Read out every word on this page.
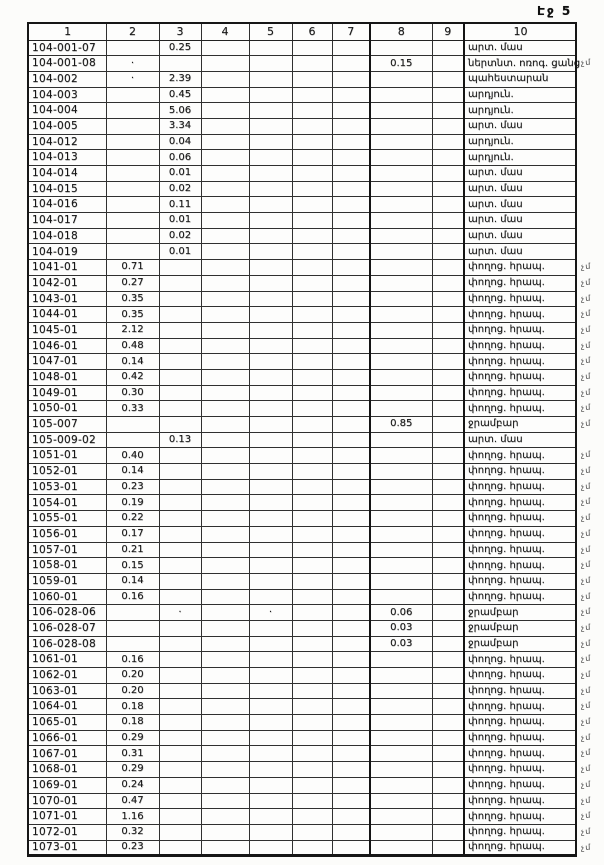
Էջ 5
1	2	3	4	5	6	7	8	9	10
104-001-07		0.25							արտ. մաս
104-001-08	·						0.15		ներտնտ. ոռոգ. ցանց չմ

104-002	·	2.39							պահեստարան
104-003		0.45							արդյուն.
104-004		5.06							արդյուն.
104-005		3.34							արտ. մաս
104-012		0.04							արդյուն.
104-013		0.06							արդյուն.
104-014		0.01							արտ. մաս
104-015		0.02							արտ. մաս
104-016		0.11							արտ. մաս
104-017		0.01							արտ. մաս
104-018		0.02							արտ. մաս
104-019		0.01							արտ. մաս
1041-01	0.71								փողոց. հրապ. չմ

1042-01	0.27								փողոց. հրապ. չմ

1043-01	0.35								փողոց. հրապ. չմ

1044-01	0.35								փողոց. հրապ. չմ

1045-01	2.12								փողոց. հրապ. չմ

1046-01	0.48								փողոց. հրապ. չմ

1047-01	0.14								փողոց. հրապ. չմ

1048-01	0.42								փողոց. հրապ. չմ

1049-01	0.30								փողոց. հրապ. չմ

1050-01	0.33								փողոց. հրապ. չմ

105-007							0.85		ջրամբար չմ

105-009-02		0.13							արտ. մաս
1051-01	0.40								փողոց. հրապ. չմ

1052-01	0.14								փողոց. հրապ. չմ

1053-01	0.23								փողոց. հրապ. չմ

1054-01	0.19								փողոց. հրապ. չմ

1055-01	0.22								փողոց. հրապ. չմ

1056-01	0.17								փողոց. հրապ. չմ

1057-01	0.21								փողոց. հրապ. չմ

1058-01	0.15								փողոց. հրապ. չմ

1059-01	0.14								փողոց. հրապ. չմ

1060-01	0.16								փողոց. հրապ. չմ

106-028-06		·		·			0.06		ջրամբար չմ

106-028-07							0.03		ջրամբար չմ

106-028-08							0.03		ջրամբար չմ

1061-01	0.16								փողոց. հրապ. չմ

1062-01	0.20								փողոց. հրապ. չմ

1063-01	0.20								փողոց. հրապ. չմ

1064-01	0.18								փողոց. հրապ. չմ

1065-01	0.18								փողոց. հրապ. չմ

1066-01	0.29								փողոց. հրապ. չմ

1067-01	0.31								փողոց. հրապ. չմ

1068-01	0.29								փողոց. հրապ. չմ

1069-01	0.24								փողոց. հրապ. չմ

1070-01	0.47								փողոց. հրապ. չմ

1071-01	1.16								փողոց. հրապ. չմ

1072-01	0.32								փողոց. հրապ. չմ

1073-01	0.23								փողոց. հրապ. չմ
